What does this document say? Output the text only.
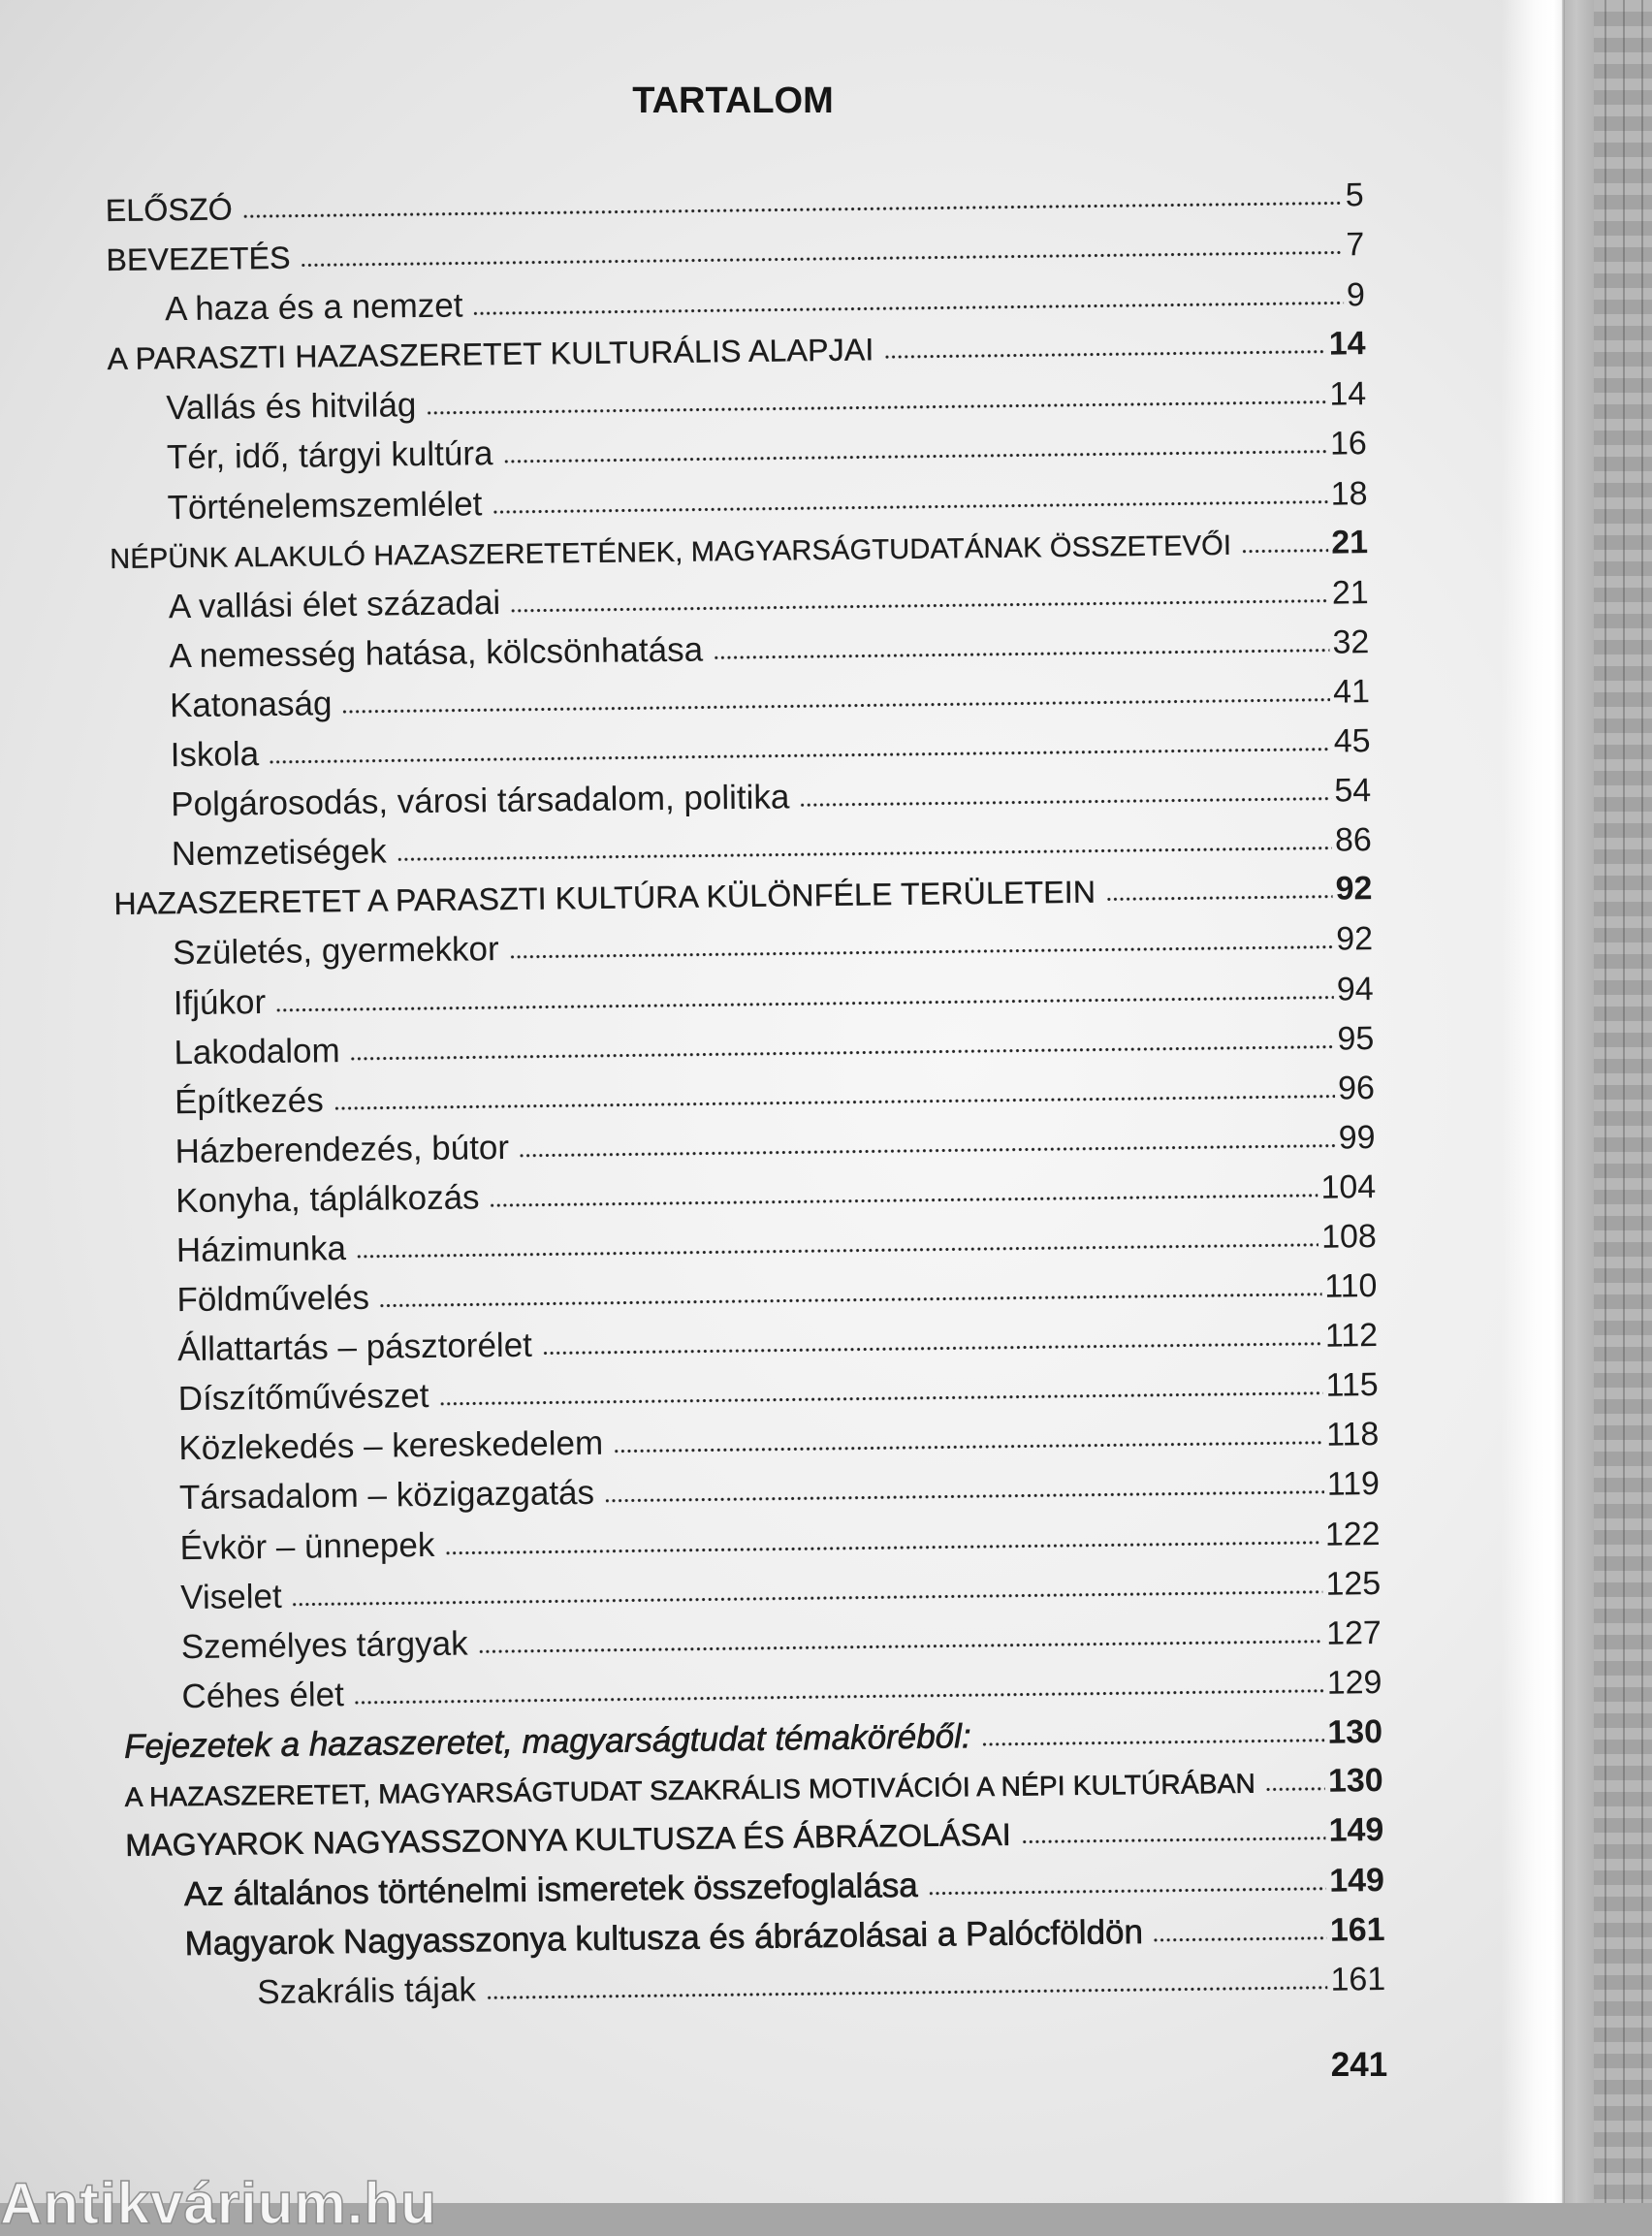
TARTALOM
ELŐSZÓ	5
BEVEZETÉS	7
A haza és a nemzet	9
A PARASZTI HAZASZERETET KULTURÁLIS ALAPJAI	14
Vallás és hitvilág	14
Tér, idő, tárgyi kultúra	16
Történelemszemlélet	18
NÉPÜNK ALAKULÓ HAZASZERETETÉNEK, MAGYARSÁGTUDATÁNAK ÖSSZETEVŐI	21
A vallási élet századai	21
A nemesség hatása, kölcsönhatása	32
Katonaság	41
Iskola	45
Polgárosodás, városi társadalom, politika	54
Nemzetiségek	86
HAZASZERETET A PARASZTI KULTÚRA KÜLÖNFÉLE TERÜLETEIN	92
Születés, gyermekkor	92
Ifjúkor	94
Lakodalom	95
Építkezés	96
Házberendezés, bútor	99
Konyha, táplálkozás	104
Házimunka	108
Földművelés	110
Állattartás – pásztorélet	112
Díszítőművészet	115
Közlekedés – kereskedelem	118
Társadalom – közigazgatás	119
Évkör – ünnepek	122
Viselet	125
Személyes tárgyak	127
Céhes élet	129
Fejezetek a hazaszeretet, magyarságtudat témaköréből:	130
A HAZASZERETET, MAGYARSÁGTUDAT SZAKRÁLIS MOTIVÁCIÓI A NÉPI KULTÚRÁBAN 130
MAGYAROK NAGYASSZONYA KULTUSZA ÉS ÁBRÁZOLÁSAI	149
Az általános történelmi ismeretek összefoglalása	149
Magyarok Nagyasszonya kultusza és ábrázolásai a Palócföldön	161
Szakrális tájak	161
241
Antikvárium.hu
